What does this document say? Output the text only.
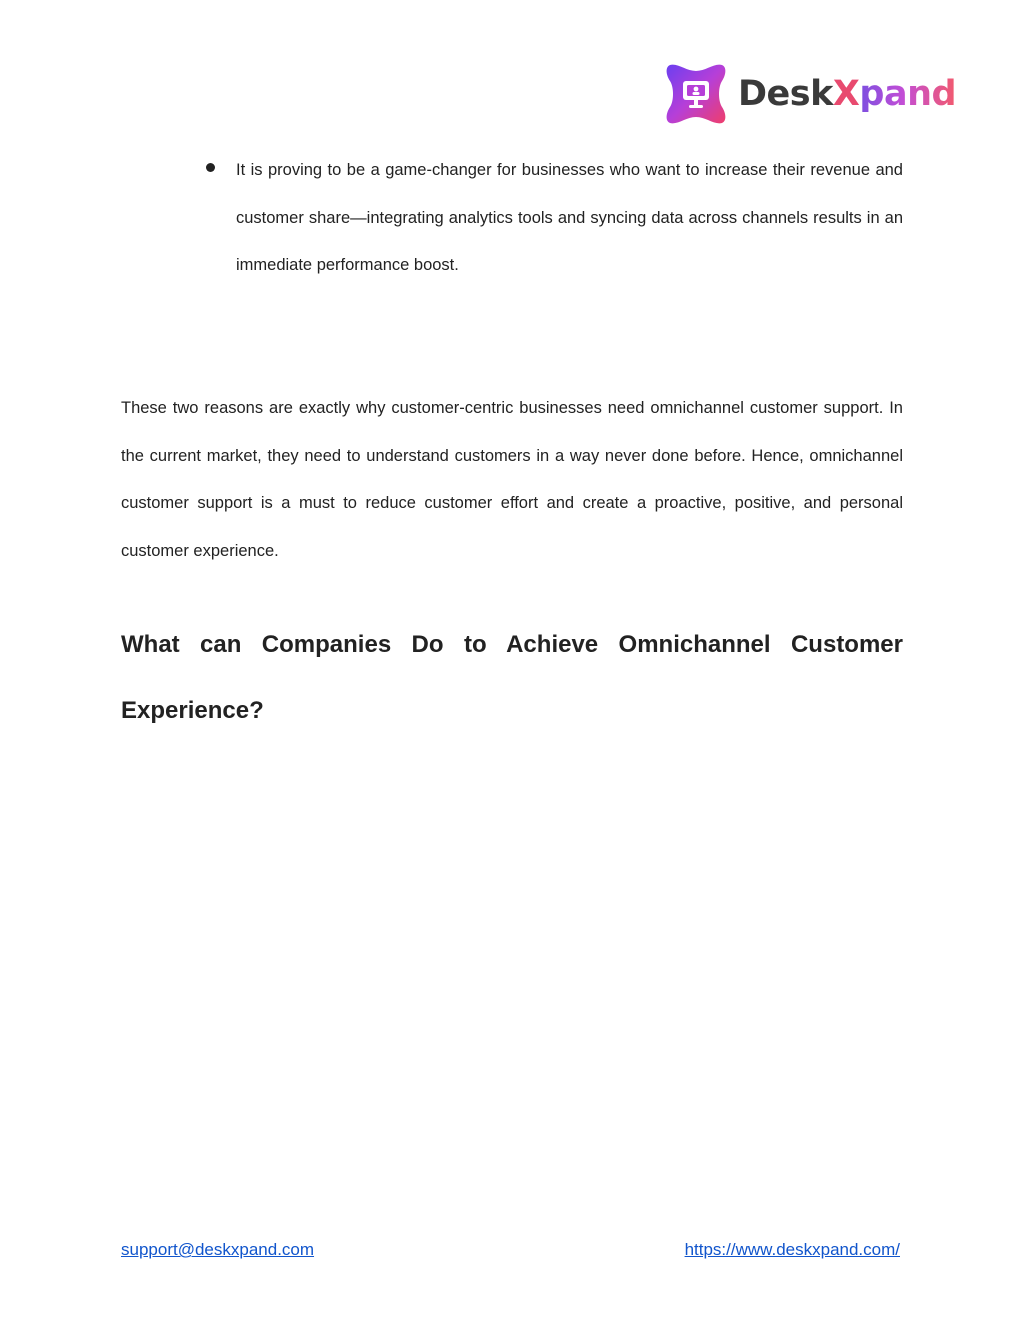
DeskXpand
It is proving to be a game-changer for businesses who want to increase their revenue and customer share—integrating analytics tools and syncing data across channels results in an immediate performance boost.
These two reasons are exactly why customer-centric businesses need omnichannel customer support. In the current market, they need to understand customers in a way never done before. Hence, omnichannel customer support is a must to reduce customer effort and create a proactive, positive, and personal customer experience.
What can Companies Do to Achieve Omnichannel Customer Experience?
support@deskxpand.com	https://www.deskxpand.com/
